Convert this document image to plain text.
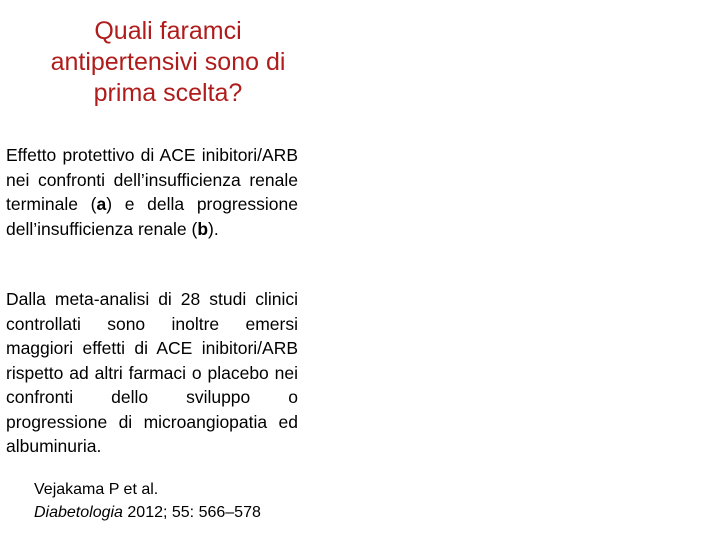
Quali faramci antipertensivi sono di prima scelta?

Effetto protettivo di ACE inibitori/ARB nei confronti dell’insufficienza renale terminale (a) e della progressione dell’insufficienza renale (b).

Dalla meta-analisi di 28 studi clinici controllati sono inoltre emersi maggiori effetti di ACE inibitori/ARB rispetto ad altri farmaci o placebo nei confronti dello sviluppo o progressione di microangiopatia ed albuminuria.

Vejakama P et al.
Diabetologia 2012; 55: 566–578
